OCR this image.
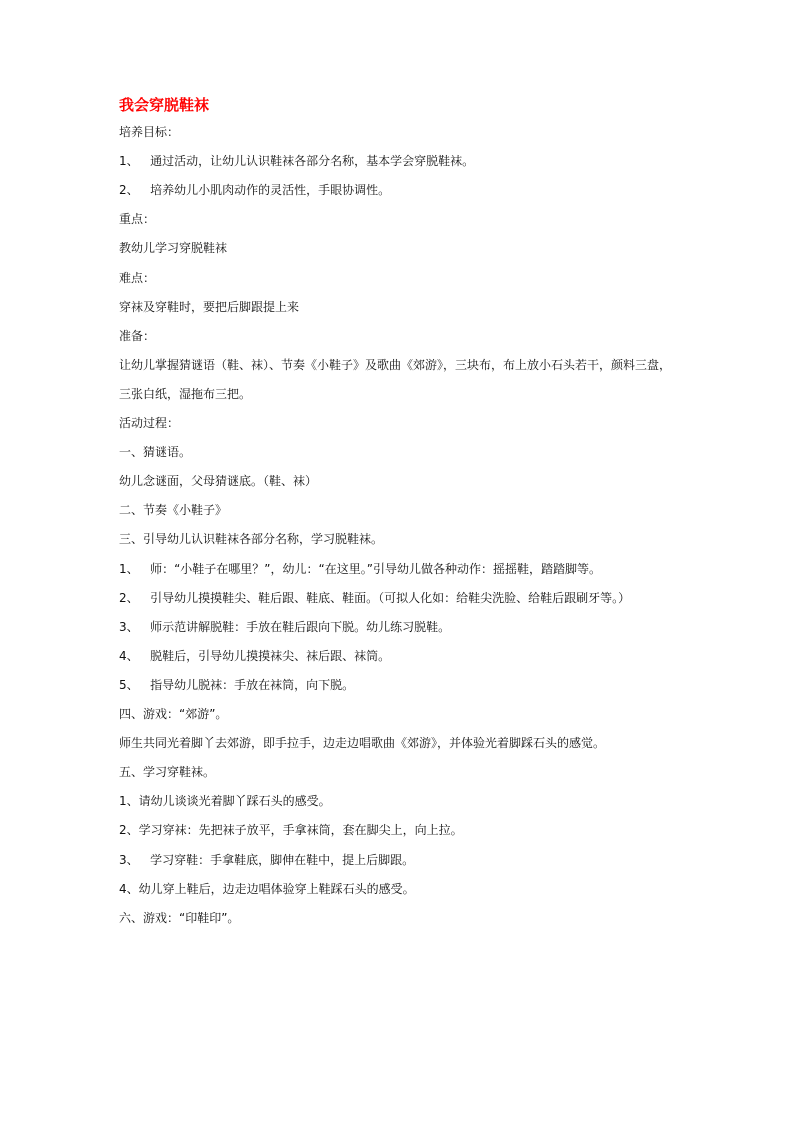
我会穿脱鞋袜
培养目标：
1、   通过活动，让幼儿认识鞋袜各部分名称，基本学会穿脱鞋袜。
2、   培养幼儿小肌肉动作的灵活性，手眼协调性。
重点：
教幼儿学习穿脱鞋袜
难点：
穿袜及穿鞋时，要把后脚跟提上来
准备：
让幼儿掌握猜谜语（鞋、袜）、节奏《小鞋子》及歌曲《郊游》，三块布，布上放小石头若干，颜料三盘，
三张白纸，湿拖布三把。
活动过程：
一、猜谜语。
幼儿念谜面，父母猜谜底。（鞋、袜）
二、节奏《小鞋子》
三、引导幼儿认识鞋袜各部分名称，学习脱鞋袜。
1、   师：“小鞋子在哪里？”，幼儿：“在这里。”引导幼儿做各种动作：摇摇鞋，踏踏脚等。
2、   引导幼儿摸摸鞋尖、鞋后跟、鞋底、鞋面。（可拟人化如：给鞋尖洗脸、给鞋后跟刷牙等。）
3、   师示范讲解脱鞋：手放在鞋后跟向下脱。幼儿练习脱鞋。
4、   脱鞋后，引导幼儿摸摸袜尖、袜后跟、袜筒。
5、   指导幼儿脱袜：手放在袜筒，向下脱。
四、游戏：“郊游”。
师生共同光着脚丫去郊游，即手拉手，边走边唱歌曲《郊游》，并体验光着脚踩石头的感觉。
五、学习穿鞋袜。
1、请幼儿谈谈光着脚丫踩石头的感受。
2、学习穿袜：先把袜子放平，手拿袜筒，套在脚尖上，向上拉。
3、   学习穿鞋：手拿鞋底，脚伸在鞋中，提上后脚跟。
4、幼儿穿上鞋后，边走边唱体验穿上鞋踩石头的感受。
六、游戏：“印鞋印”。
